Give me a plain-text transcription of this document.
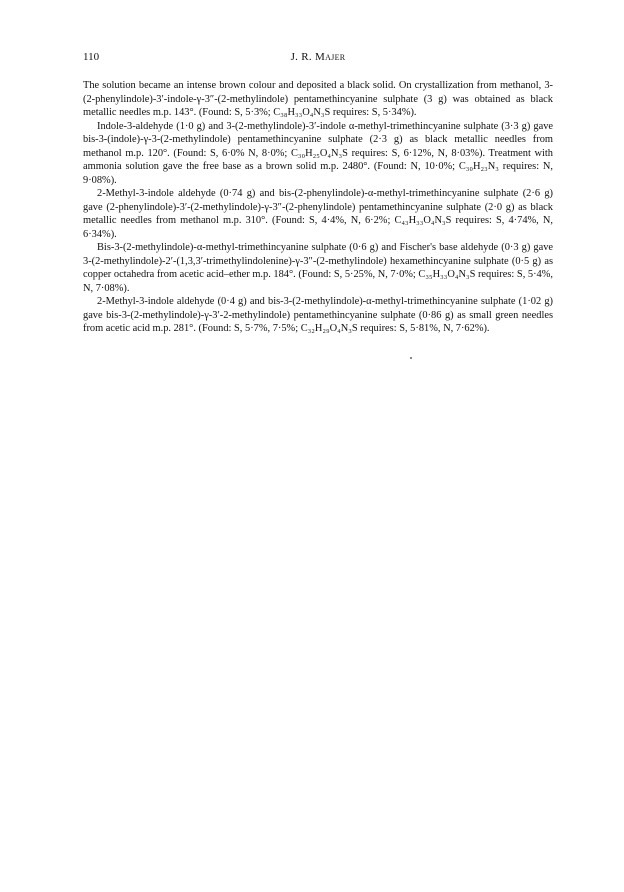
110	J. R. Majer

The solution became an intense brown colour and deposited a black solid. On crystallization from methanol, 3-(2-phenylindole)-3′-indole-γ-3″-(2-methylindole) pentamethincyanine sulphate (3 g) was obtained as black metallic needles m.p. 143°. (Found: S, 5·3%; C₃₈H₃₃O₄N₃S requires: S, 5·34%).

Indole-3-aldehyde (1·0 g) and 3-(2-methylindole)-3′-indole α-methyl-trimethincyanine sulphate (3·3 g) gave bis-3-(indole)-γ-3-(2-methylindole) pentamethincyanine sulphate (2·3 g) as black metallic needles from methanol m.p. 120°. (Found: S, 6·0% N, 8·0%; C₃₀H₂₅O₄N₃S requires: S, 6·12%, N, 8·03%). Treatment with ammonia solution gave the free base as a brown solid m.p. 2480°. (Found: N, 10·0%; C₃₀H₂₃N₃ requires: N, 9·08%).

2-Methyl-3-indole aldehyde (0·74 g) and bis-(2-phenylindole)-α-methyl-trimethincyanine sulphate (2·6 g) gave (2-phenylindole)-3′-(2-methylindole)-γ-3″-(2-phenylindole) pentamethincyanine sulphate (2·0 g) as black metallic needles from methanol m.p. 310°. (Found: S, 4·4%, N, 6·2%; C₄₃H₃₃O₄N₃S requires: S, 4·74%, N, 6·34%).

Bis-3-(2-methylindole)-α-methyl-trimethincyanine sulphate (0·6 g) and Fischer's base aldehyde (0·3 g) gave 3-(2-methylindole)-2′-(1,3,3′-trimethylindolenine)-γ-3″-(2-methylindole) hexamethincyanine sulphate (0·5 g) as copper octahedra from acetic acid–ether m.p. 184°. (Found: S, 5·25%, N, 7·0%; C₃₅H₃₃O₄N₃S requires: S, 5·4%, N, 7·08%).

2-Methyl-3-indole aldehyde (0·4 g) and bis-3-(2-methylindole)-α-methyl-trimethincyanine sulphate (1·02 g) gave bis-3-(2-methylindole)-γ-3′-2-methylindole) pentamethincyanine sulphate (0·86 g) as small green needles from acetic acid m.p. 281°. (Found: S, 5·7%, 7·5%; C₃₂H₂₉O₄N₃S requires: S, 5·81%, N, 7·62%).
